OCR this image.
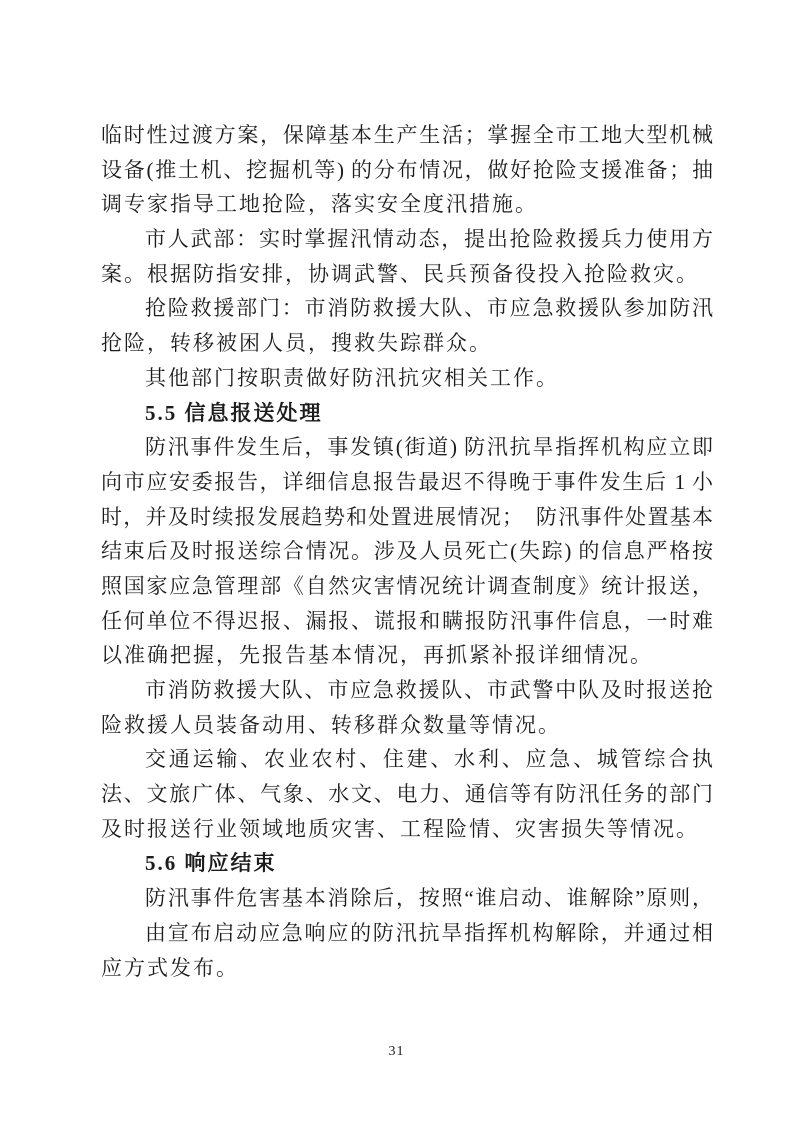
临时性过渡方案，保障基本生产生活；掌握全市工地大型机械
设备(推土机、挖掘机等) 的分布情况，做好抢险支援准备；抽
调专家指导工地抢险，落实安全度汛措施。
市人武部：实时掌握汛情动态，提出抢险救援兵力使用方
案。根据防指安排，协调武警、民兵预备役投入抢险救灾。
抢险救援部门：市消防救援大队、市应急救援队参加防汛
抢险，转移被困人员，搜救失踪群众。
其他部门按职责做好防汛抗灾相关工作。
5.5 信息报送处理
防汛事件发生后，事发镇(街道) 防汛抗旱指挥机构应立即
向市应安委报告，详细信息报告最迟不得晚于事件发生后 1 小
时，并及时续报发展趋势和处置进展情况；　防汛事件处置基本
结束后及时报送综合情况。涉及人员死亡(失踪) 的信息严格按
照国家应急管理部《自然灾害情况统计调查制度》统计报送，
任何单位不得迟报、漏报、谎报和瞒报防汛事件信息，一时难
以准确把握，先报告基本情况，再抓紧补报详细情况。
市消防救援大队、市应急救援队、市武警中队及时报送抢
险救援人员装备动用、转移群众数量等情况。
交通运输、农业农村、住建、水利、应急、城管综合执
法、文旅广体、气象、水文、电力、通信等有防汛任务的部门
及时报送行业领域地质灾害、工程险情、灾害损失等情况。
5.6 响应结束
防汛事件危害基本消除后，按照“谁启动、谁解除”原则，
由宣布启动应急响应的防汛抗旱指挥机构解除，并通过相
应方式发布。
31
